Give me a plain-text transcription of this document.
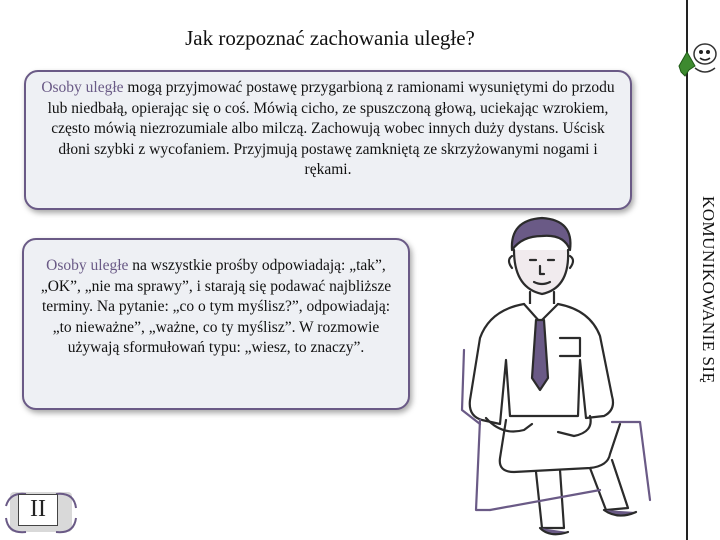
Jak rozpoznać zachowania uległe?
Osoby uległe mogą przyjmować postawę przygarbioną z ramionami wysuniętymi do przodu lub niedbałą, opierając się o coś. Mówią cicho, ze spuszczoną głową, uciekając wzrokiem, często mówią niezrozumiale albo milczą. Zachowują wobec innych duży dystans. Uścisk dłoni szybki z wycofaniem. Przyjmują postawę zamkniętą ze skrzyżowanymi nogami i rękami.
Osoby uległe na wszystkie prośby odpowiadają: „tak”, „OK”, „nie ma sprawy”, i starają się podawać najbliższe terminy. Na pytanie: „co o tym myślisz?”, odpowiadają: „to nieważne”, „ważne, co ty myślisz”. W rozmowie używają sformułowań typu: „wiesz, to znaczy”.	KOMUNIKOWANIE SIĘ
II
